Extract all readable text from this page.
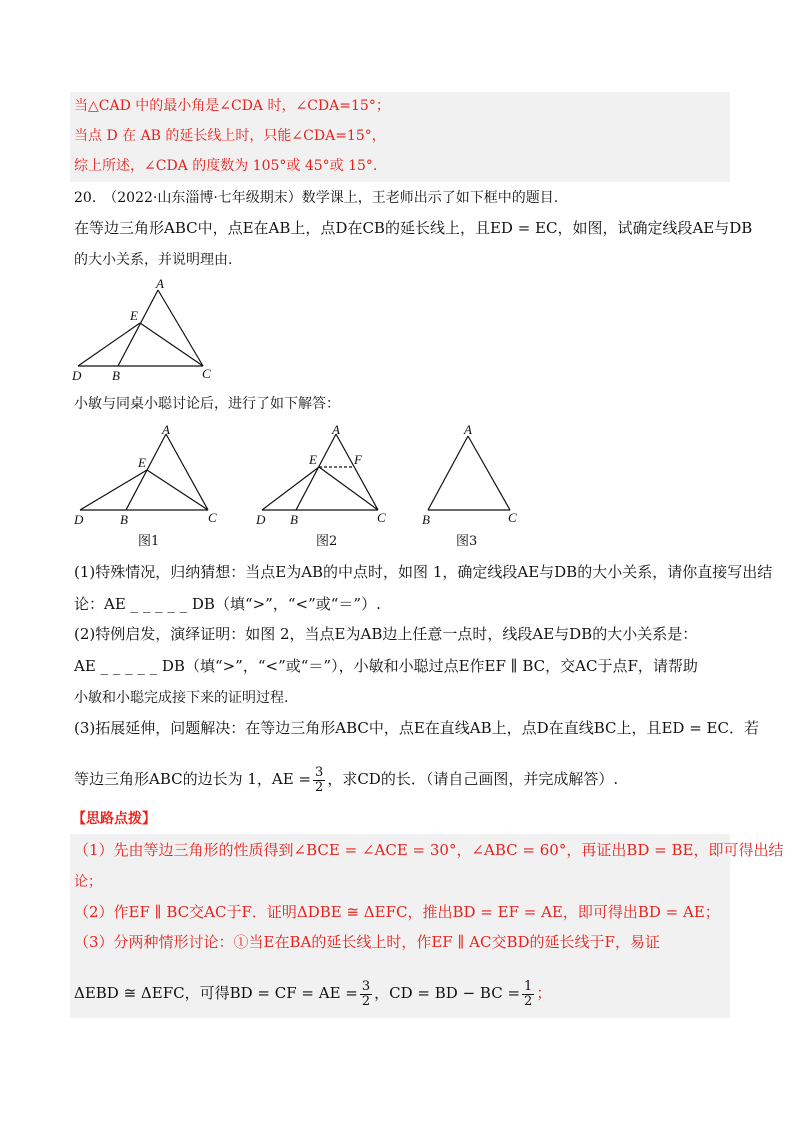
当△CAD 中的最小角是∠CDA 时，∠CDA=15°；
当点 D 在 AB 的延长线上时，只能∠CDA=15°，
综上所述，∠CDA 的度数为 105°或 45°或 15°.
20.　（2022·山东淄博·七年级期末）数学课上，王老师出示了如下框中的题目.
在等边三角形ABC中，点E在AB上，点D在CB的延长线上，且ED = EC，如图，试确定线段AE与DB
的大小关系，并说明理由.
A
E
D B	C
小敏与同桌小聪讨论后，进行了如下解答：
A
E
D	B	C
图1
A
E	F
D B	C
图2
A
B	C
图3
(1)特殊情况，归纳猜想：当点E为AB的中点时，如图 1，确定线段AE与DB的大小关系，请你直接写出结
论：AE _ _ _ _ _ DB（填“>”，“<”或“＝”）.
(2)特例启发，演绎证明：如图 2，当点E为AB边上任意一点时，线段AE与DB的大小关系是：
AE _ _ _ _ _ DB（填“>”，“<”或“＝”），小敏和小聪过点E作EF ∥ BC，交AC于点F，请帮助
小敏和小聪完成接下来的证明过程.
(3)拓展延伸，问题解决：在等边三角形ABC中，点E在直线AB上，点D在直线BC上，且ED = EC．若
等边三角形ABC的边长为 1，AE = $\frac{3}{2}$ ，求CD的长．（请自己画图，并完成解答）.
【思路点拨】
（1）先由等边三角形的性质得到∠BCE = ∠ACE = 30°，∠ABC = 60°，再证出BD = BE，即可得出结
论；
（2）作EF ∥ BC交AC于F．证明ΔDBE ≅ ΔEFC，推出BD = EF = AE，即可得出BD = AE；
（3）分两种情形讨论：①当E在BA的延长线上时，作EF ∥ AC交BD的延长线于F，易证
ΔEBD ≅ ΔEFC，可得BD = CF = AE = $\frac{3}{2}$ ，CD = BD − BC = $\frac{1}{2}$ ；
